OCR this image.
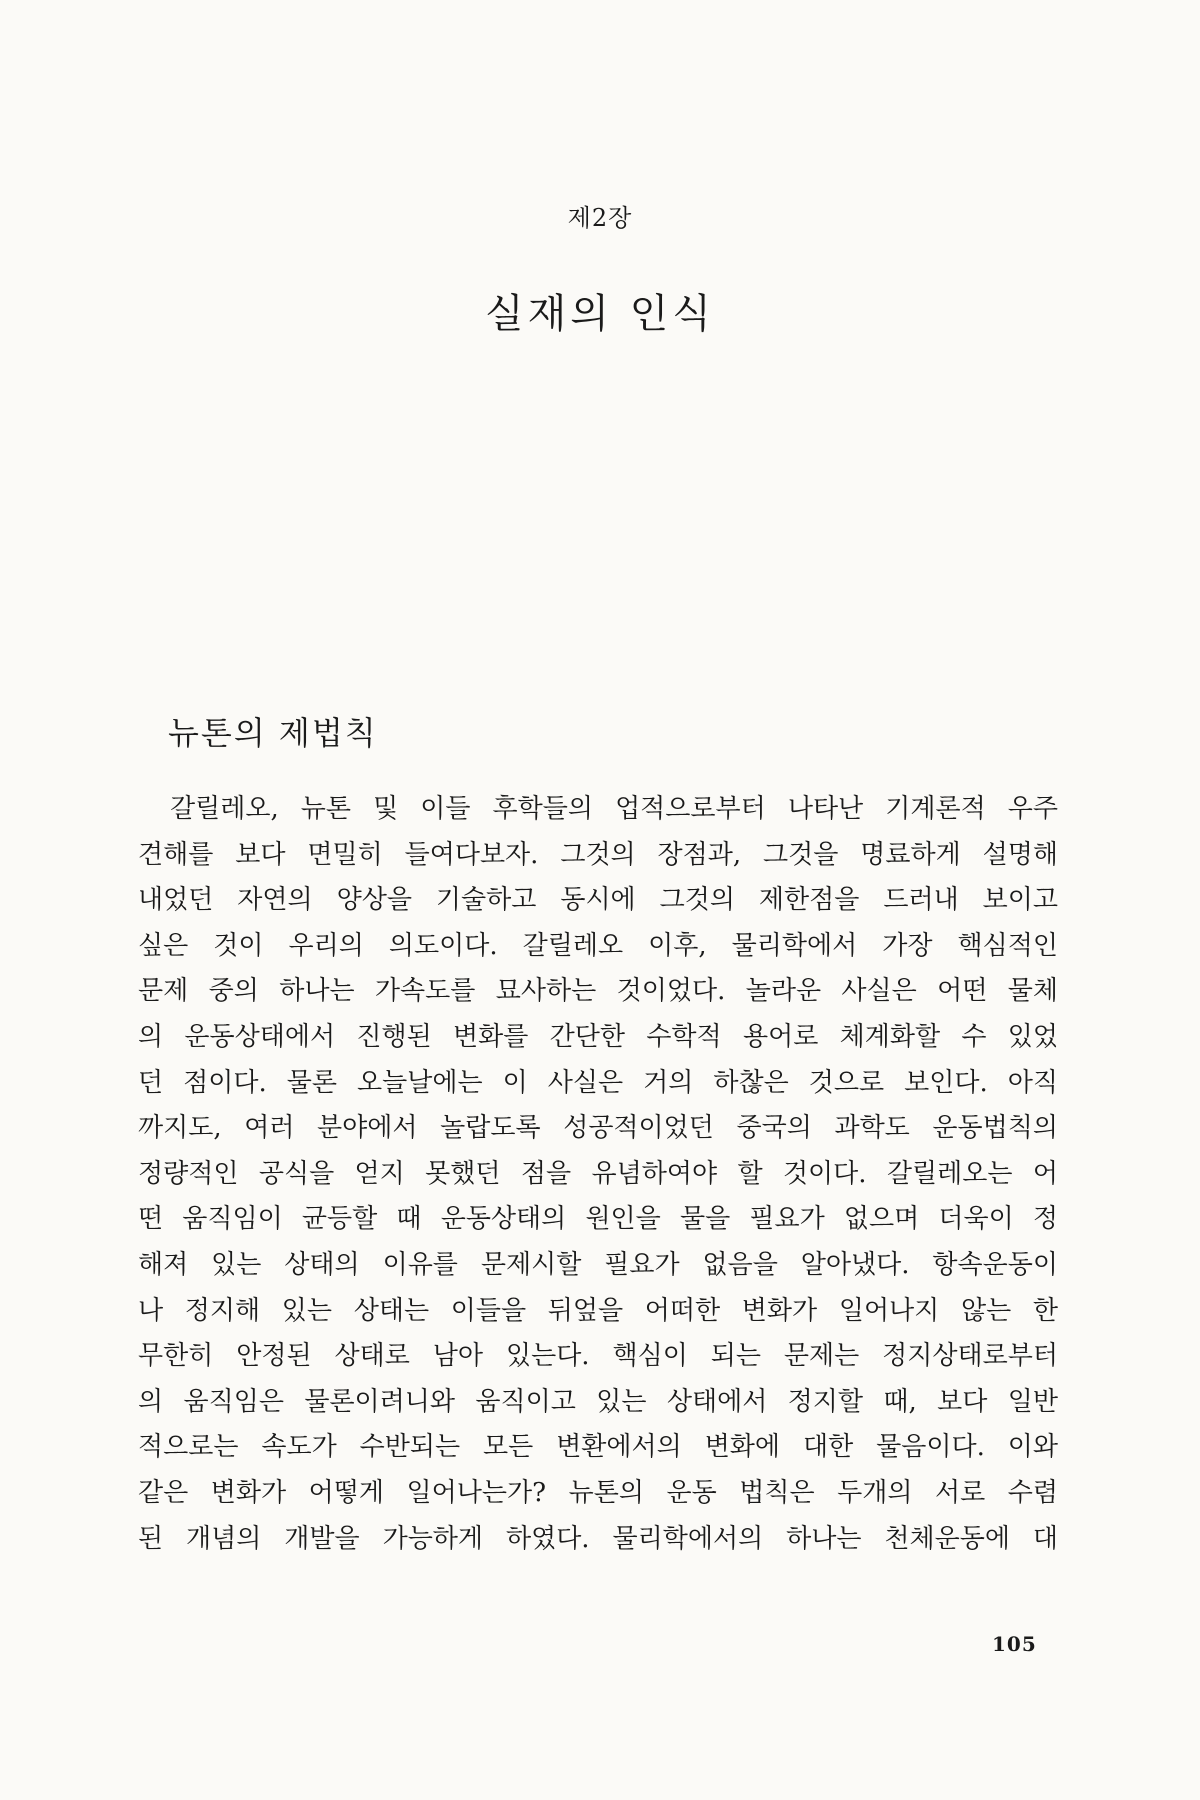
제2장
실재의 인식
뉴톤의 제법칙
갈릴레오, 뉴톤 및 이들 후학들의 업적으로부터 나타난 기계론적 우주
견해를 보다 면밀히 들여다보자. 그것의 장점과, 그것을 명료하게 설명해
내었던 자연의 양상을 기술하고 동시에 그것의 제한점을 드러내 보이고
싶은 것이 우리의 의도이다. 갈릴레오 이후, 물리학에서 가장 핵심적인
문제 중의 하나는 가속도를 묘사하는 것이었다. 놀라운 사실은 어떤 물체
의 운동상태에서 진행된 변화를 간단한 수학적 용어로 체계화할 수 있었
던 점이다. 물론 오늘날에는 이 사실은 거의 하찮은 것으로 보인다. 아직
까지도, 여러 분야에서 놀랍도록 성공적이었던 중국의 과학도 운동법칙의
정량적인 공식을 얻지 못했던 점을 유념하여야 할 것이다. 갈릴레오는 어
떤 움직임이 균등할 때 운동상태의 원인을 물을 필요가 없으며 더욱이 정
해져 있는 상태의 이유를 문제시할 필요가 없음을 알아냈다. 항속운동이
나 정지해 있는 상태는 이들을 뒤엎을 어떠한 변화가 일어나지 않는 한
무한히 안정된 상태로 남아 있는다. 핵심이 되는 문제는 정지상태로부터
의 움직임은 물론이려니와 움직이고 있는 상태에서 정지할 때, 보다 일반
적으로는 속도가 수반되는 모든 변환에서의 변화에 대한 물음이다. 이와
같은 변화가 어떻게 일어나는가? 뉴톤의 운동 법칙은 두개의 서로 수렴
된 개념의 개발을 가능하게 하였다. 물리학에서의 하나는 천체운동에 대
105
